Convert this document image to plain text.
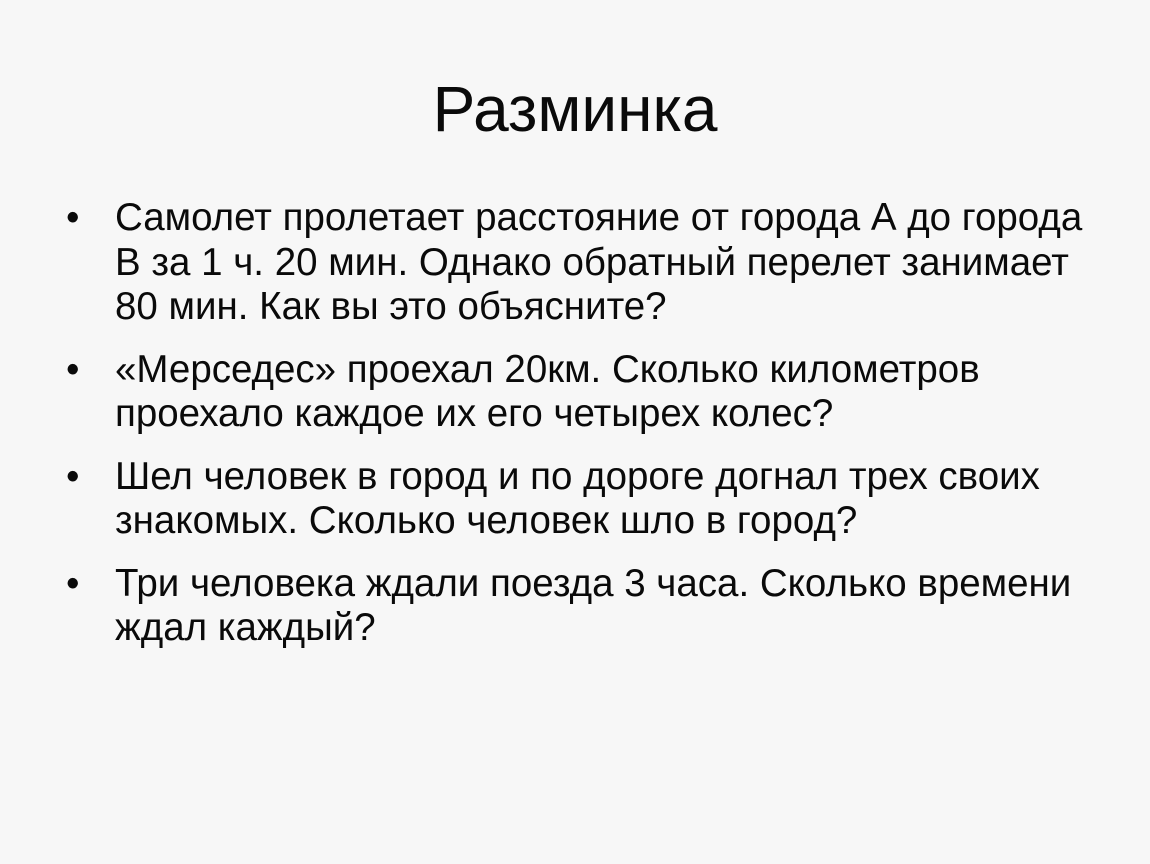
Разминка
• Самолет пролетает расстояние от города А до города В за 1 ч. 20 мин. Однако обратный перелет занимает 80 мин. Как вы это объясните?
• «Мерседес» проехал 20км. Сколько километров проехало каждое их его четырех колес?
• Шел человек в город и по дороге догнал трех своих знакомых. Сколько человек шло в город?
• Три человека ждали поезда 3 часа. Сколько времени ждал каждый?
